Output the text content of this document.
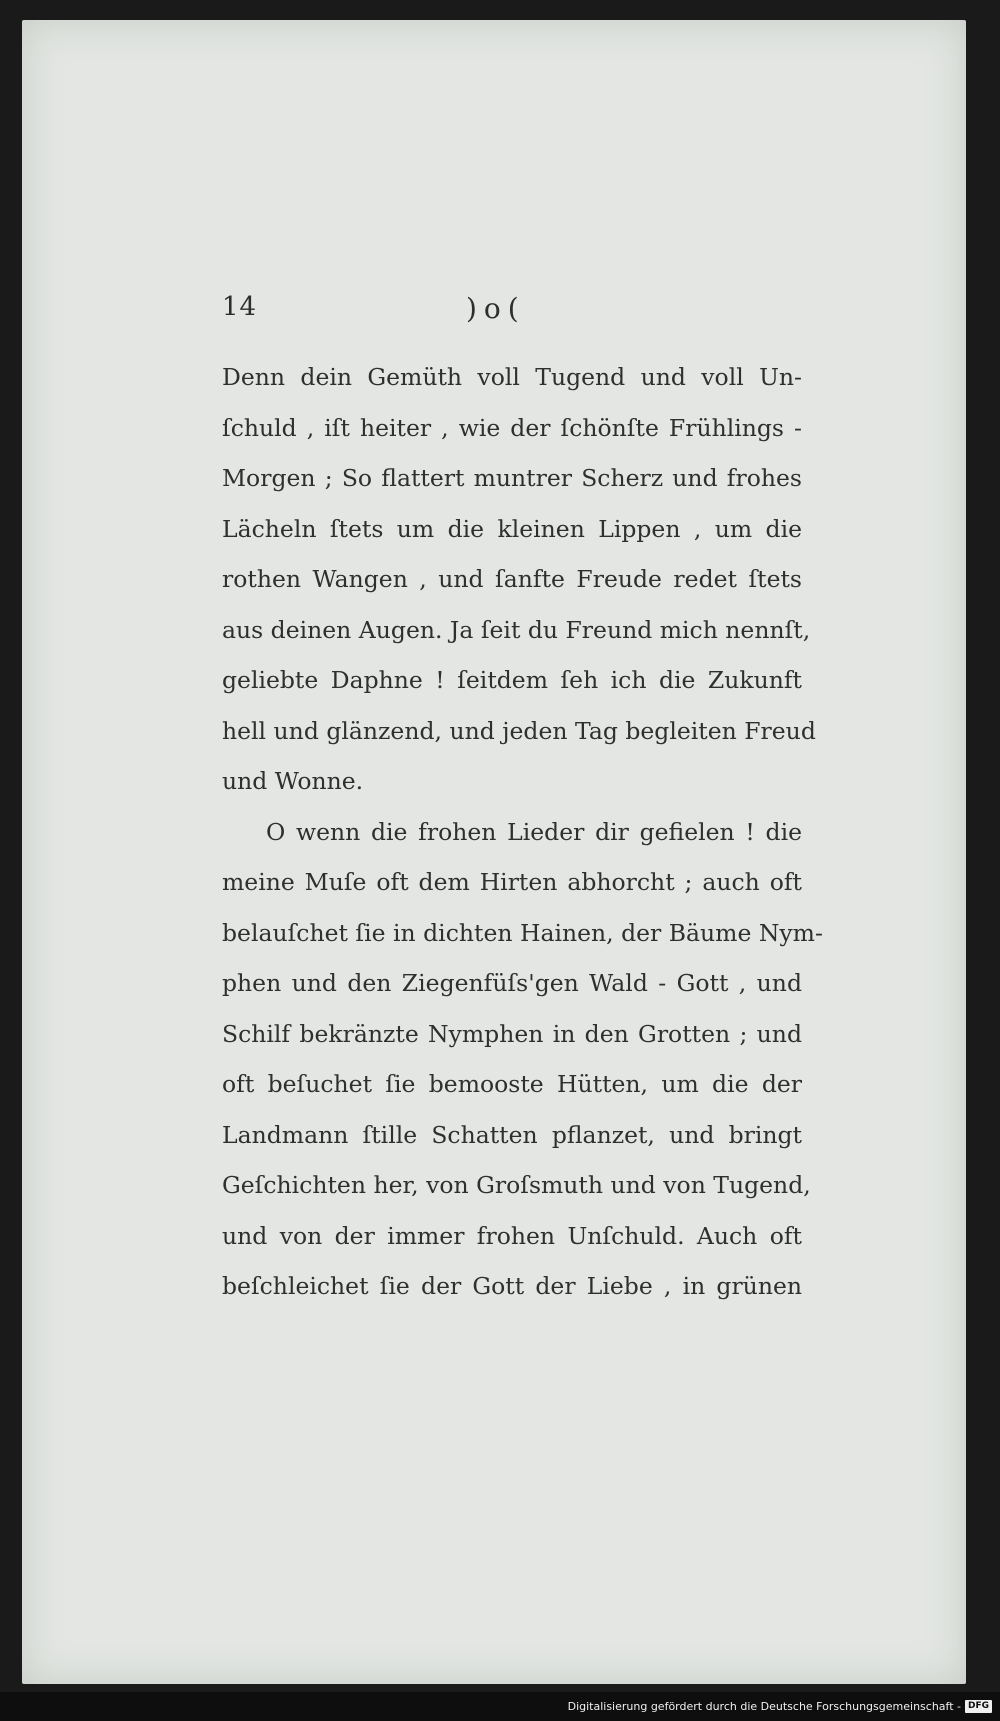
14	)o(
Denn dein Gemüth voll Tugend und voll Un-
ſchuld , iſt heiter , wie der ſchönſte Frühlings -
Morgen ; So flattert muntrer Scherz und frohes
Lächeln ſtets um die kleinen Lippen , um die
rothen Wangen , und ſanfte Freude redet ſtets
aus deinen Augen. Ja ſeit du Freund mich nennſt,
geliebte Daphne ! ſeitdem ſeh ich die Zukunft
hell und glänzend, und jeden Tag begleiten Freud
und Wonne.
O wenn die frohen Lieder dir gefielen ! die
meine Muſe oft dem Hirten abhorcht ; auch oft
belauſchet ſie in dichten Hainen, der Bäume Nym-
phen und den Ziegenfüſs'gen Wald - Gott , und
Schilf bekränzte Nymphen in den Grotten ; und
oft beſuchet ſie bemooste Hütten, um die der
Landmann ſtille Schatten pflanzet, und bringt
Geſchichten her, von Groſsmuth und von Tugend,
und von der immer frohen Unſchuld. Auch oft
beſchleichet ſie der Gott der Liebe , in grünen
Digitalisierung gefördert durch die Deutsche Forschungsgemeinschaft - DFG
